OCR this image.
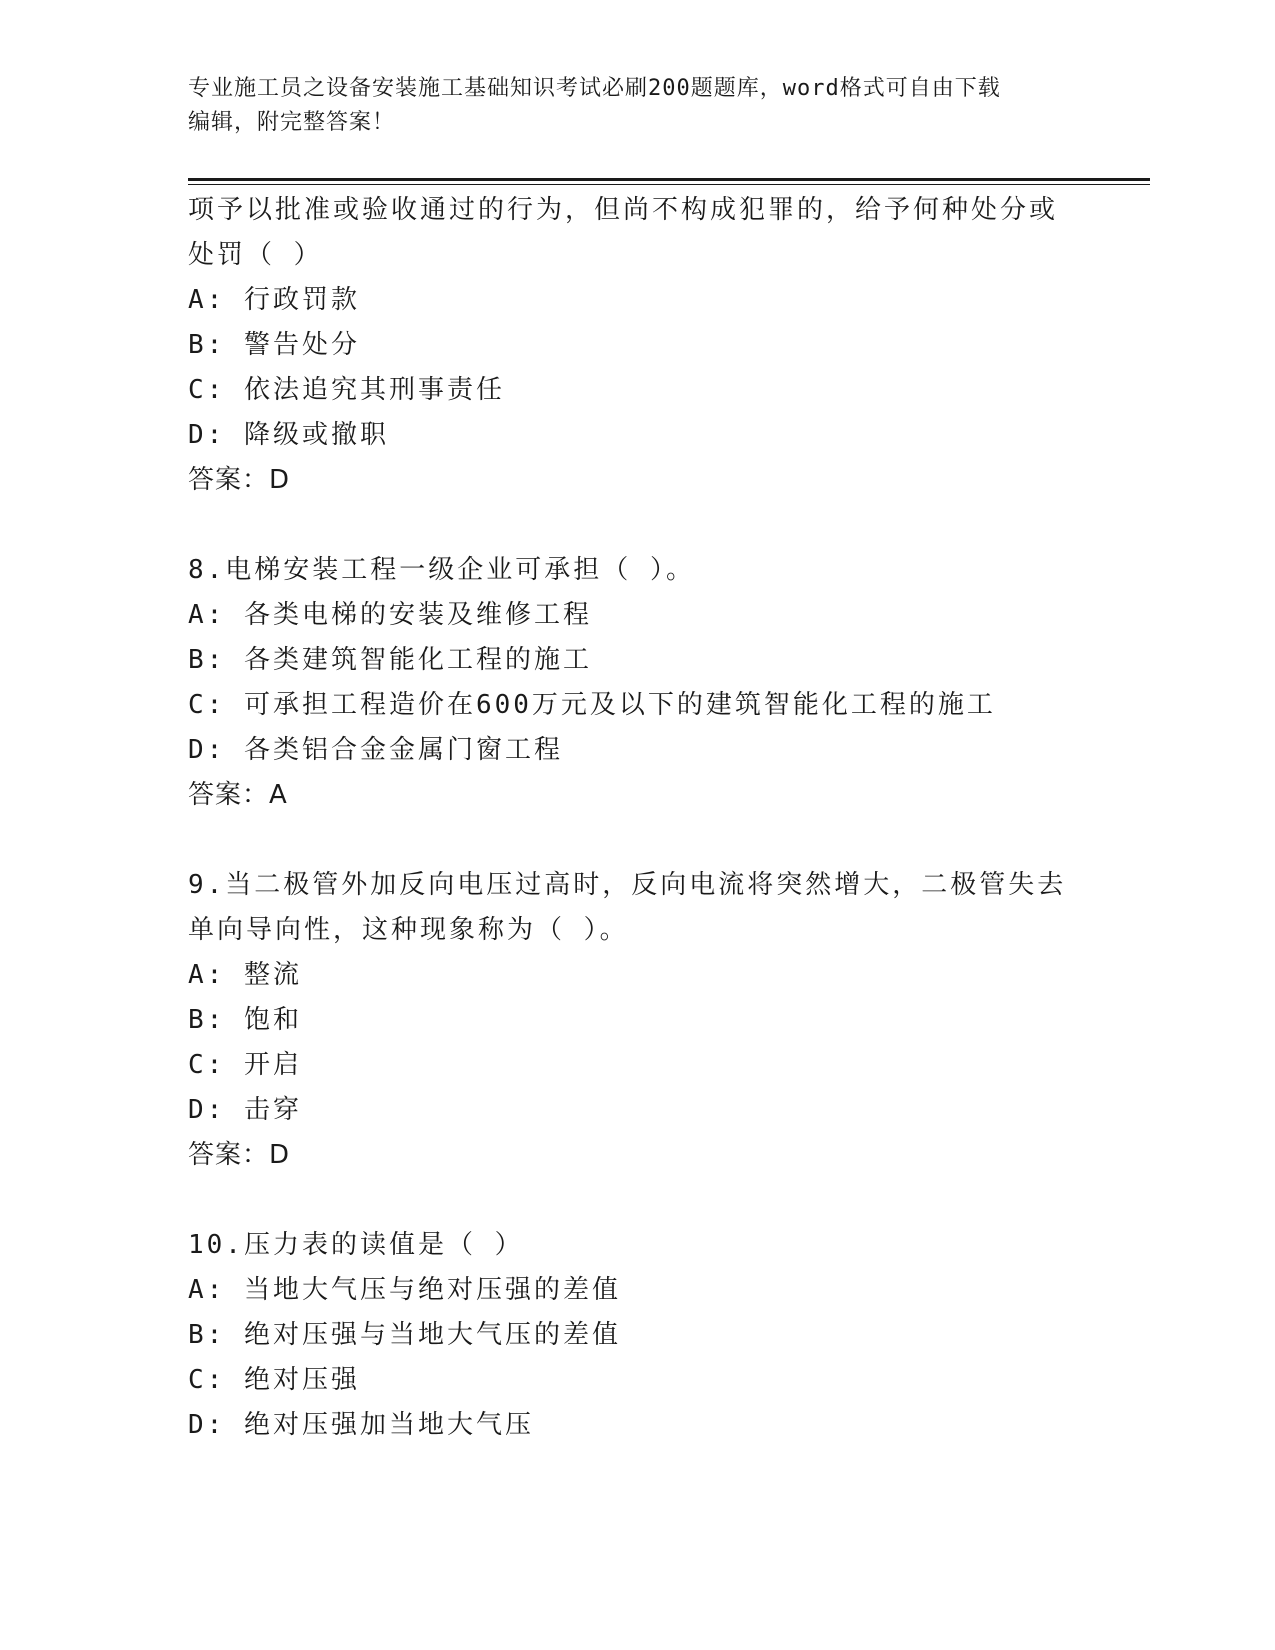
专业施工员之设备安装施工基础知识考试必刷200题题库，word格式可自由下载
编辑，附完整答案！
项予以批准或验收通过的行为，但尚不构成犯罪的，给予何种处分或
处罚（ ）
A: 行政罚款
B: 警告处分
C: 依法追究其刑事责任
D: 降级或撤职
答案：D
8.电梯安装工程一级企业可承担（ ）。
A: 各类电梯的安装及维修工程
B: 各类建筑智能化工程的施工
C: 可承担工程造价在600万元及以下的建筑智能化工程的施工
D: 各类铝合金金属门窗工程
答案：A
9.当二极管外加反向电压过高时，反向电流将突然增大，二极管失去
单向导向性，这种现象称为（ ）。
A: 整流
B: 饱和
C: 开启
D: 击穿
答案：D
10.压力表的读值是（ ）
A: 当地大气压与绝对压强的差值
B: 绝对压强与当地大气压的差值
C: 绝对压强
D: 绝对压强加当地大气压
